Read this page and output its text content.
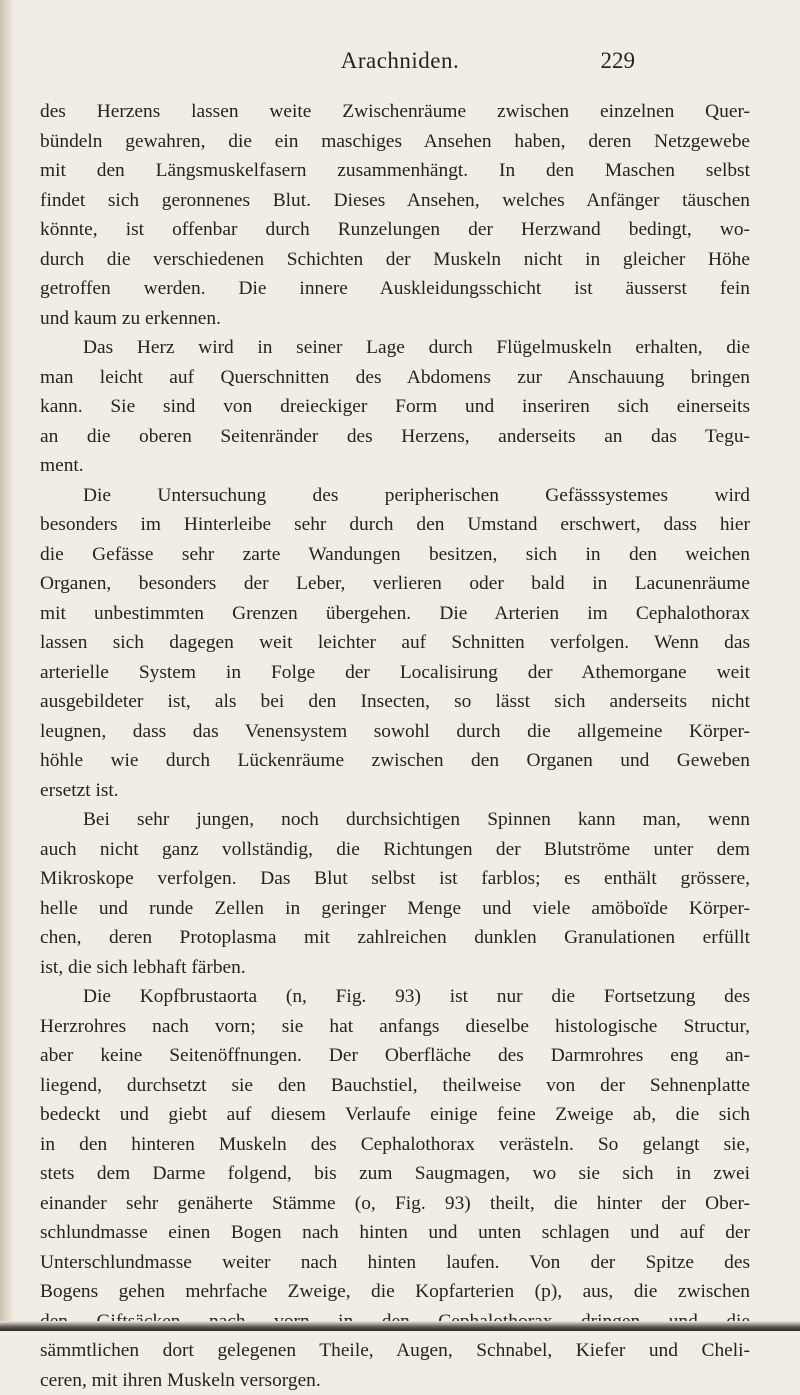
Arachniden.	229
des Herzens lassen weite Zwischenräume zwischen einzelnen Quer-
bündeln gewahren, die ein maschiges Ansehen haben, deren Netzgewebe
mit den Längsmuskelfasern zusammenhängt. In den Maschen selbst
findet sich geronnenes Blut. Dieses Ansehen, welches Anfänger täuschen
könnte, ist offenbar durch Runzelungen der Herzwand bedingt, wo-
durch die verschiedenen Schichten der Muskeln nicht in gleicher Höhe
getroffen werden. Die innere Auskleidungsschicht ist äusserst fein
und kaum zu erkennen.
Das Herz wird in seiner Lage durch Flügelmuskeln erhalten, die
man leicht auf Querschnitten des Abdomens zur Anschauung bringen
kann. Sie sind von dreieckiger Form und inseriren sich einerseits
an die oberen Seitenränder des Herzens, anderseits an das Tegu-
ment.
Die Untersuchung des peripherischen Gefässsystemes wird
besonders im Hinterleibe sehr durch den Umstand erschwert, dass hier
die Gefässe sehr zarte Wandungen besitzen, sich in den weichen
Organen, besonders der Leber, verlieren oder bald in Lacunenräume
mit unbestimmten Grenzen übergehen. Die Arterien im Cephalothorax
lassen sich dagegen weit leichter auf Schnitten verfolgen. Wenn das
arterielle System in Folge der Localisirung der Athemorgane weit
ausgebildeter ist, als bei den Insecten, so lässt sich anderseits nicht
leugnen, dass das Venensystem sowohl durch die allgemeine Körper-
höhle wie durch Lückenräume zwischen den Organen und Geweben
ersetzt ist.
Bei sehr jungen, noch durchsichtigen Spinnen kann man, wenn
auch nicht ganz vollständig, die Richtungen der Blutströme unter dem
Mikroskope verfolgen. Das Blut selbst ist farblos; es enthält grössere,
helle und runde Zellen in geringer Menge und viele amöboïde Körper-
chen, deren Protoplasma mit zahlreichen dunklen Granulationen erfüllt
ist, die sich lebhaft färben.
Die Kopfbrustaorta (n, Fig. 93) ist nur die Fortsetzung des
Herzrohres nach vorn; sie hat anfangs dieselbe histologische Structur,
aber keine Seitenöffnungen. Der Oberfläche des Darmrohres eng an-
liegend, durchsetzt sie den Bauchstiel, theilweise von der Sehnenplatte
bedeckt und giebt auf diesem Verlaufe einige feine Zweige ab, die sich
in den hinteren Muskeln des Cephalothorax verästeln. So gelangt sie,
stets dem Darme folgend, bis zum Saugmagen, wo sie sich in zwei
einander sehr genäherte Stämme (o, Fig. 93) theilt, die hinter der Ober-
schlundmasse einen Bogen nach hinten und unten schlagen und auf der
Unterschlundmasse weiter nach hinten laufen. Von der Spitze des
Bogens gehen mehrfache Zweige, die Kopfarterien (p), aus, die zwischen
sämmtlichen dort gelegenen Theile, Augen, Schnabel, Kiefer und Cheli-
ceren, mit ihren Muskeln versorgen.
